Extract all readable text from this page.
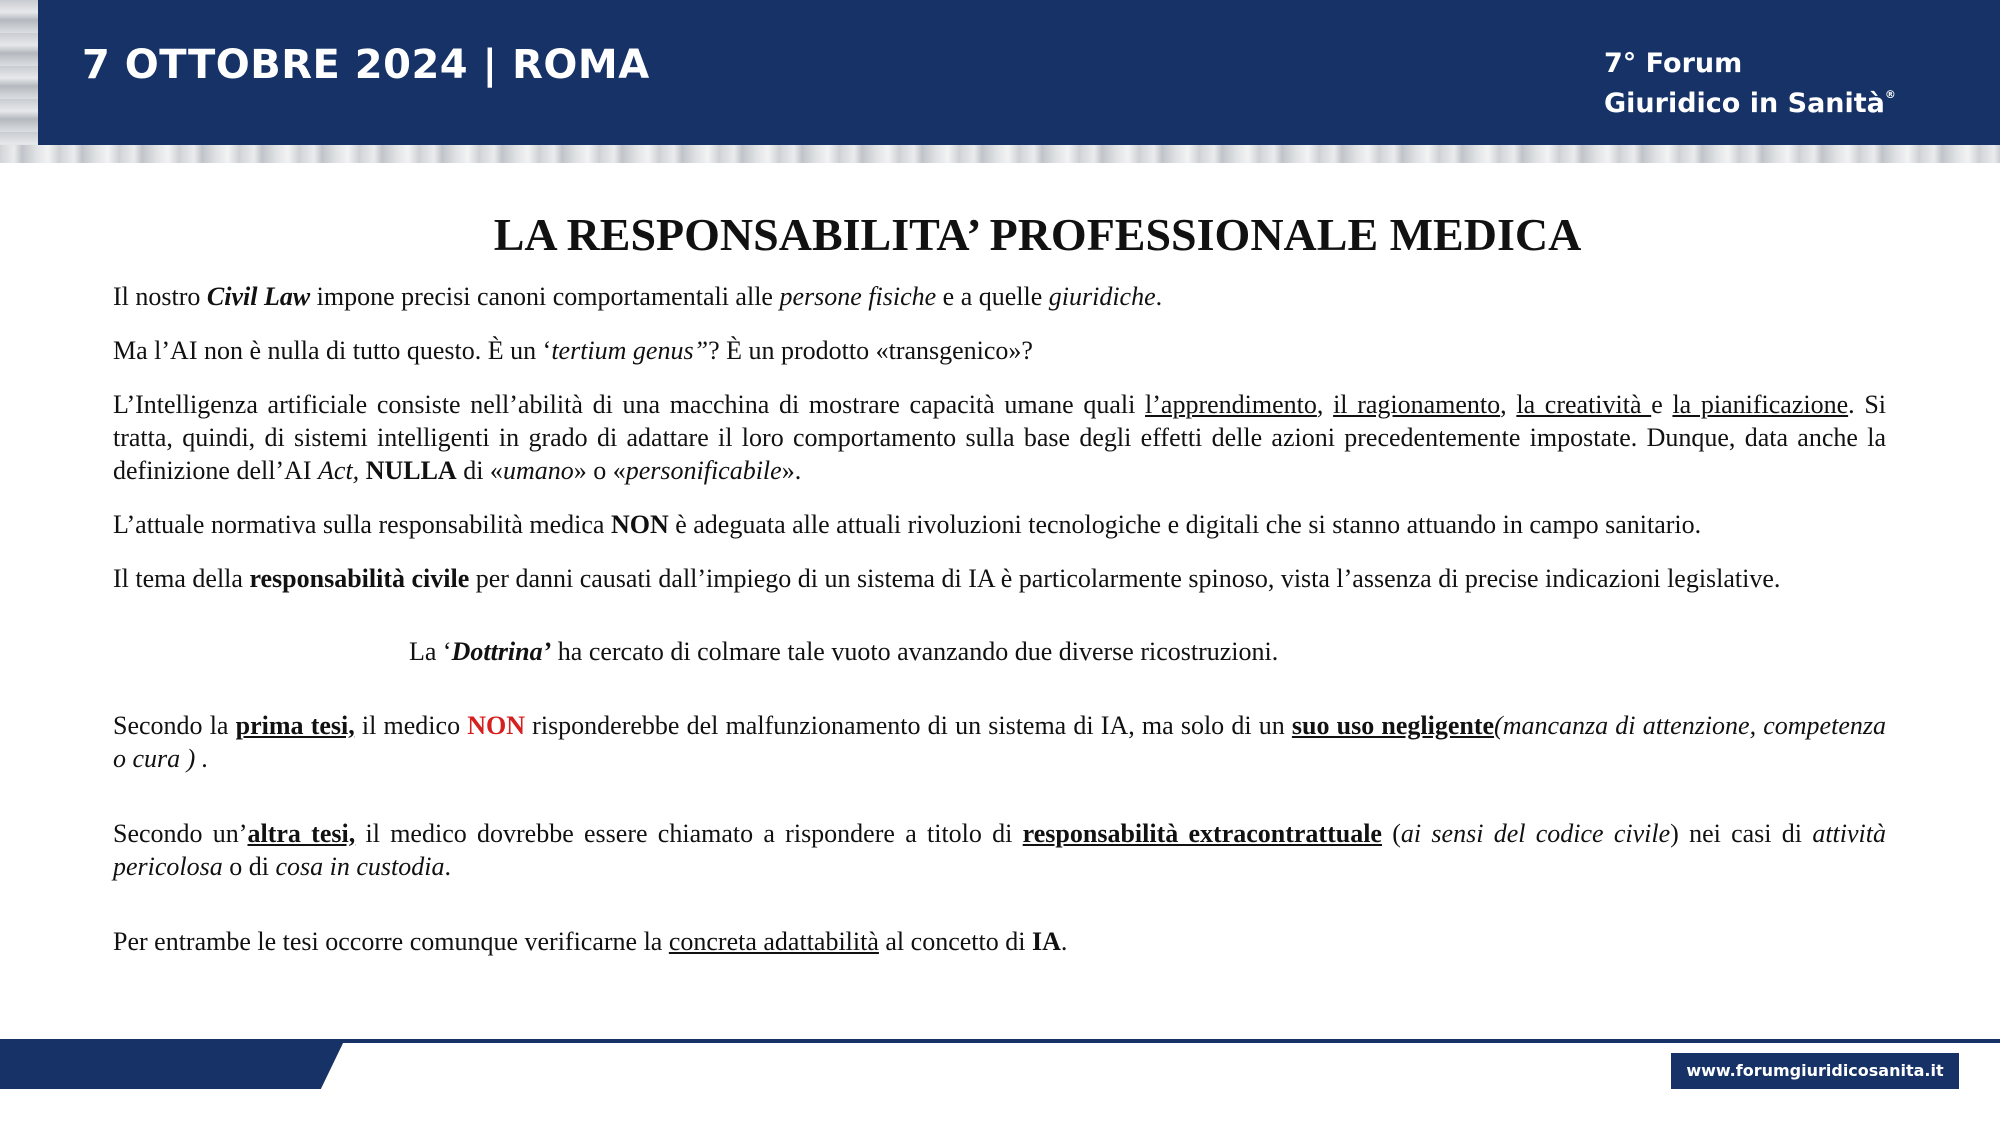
7 OTTOBRE 2024 | ROMA	7° Forum
Giuridico in Sanità®
LA RESPONSABILITA’ PROFESSIONALE MEDICA

Il nostro Civil Law impone precisi canoni comportamentali alle persone fisiche e a quelle giuridiche.

Ma l’AI non è nulla di tutto questo. È un ‘tertium genus”? È un prodotto «transgenico»?

L’Intelligenza artificiale consiste nell’abilità di una macchina di mostrare capacità umane quali l’apprendimento, il ragionamento, la creatività e la pianificazione. Si tratta, quindi, di sistemi intelligenti in grado di adattare il loro comportamento sulla base degli effetti delle azioni precedentemente impostate. Dunque, data anche la definizione dell’AI Act, NULLA di «umano» o «personificabile».

L’attuale normativa sulla responsabilità medica NON è adeguata alle attuali rivoluzioni tecnologiche e digitali che si stanno attuando in campo sanitario.

Il tema della responsabilità civile per danni causati dall’impiego di un sistema di IA è particolarmente spinoso, vista l’assenza di precise indicazioni legislative.

La ‘Dottrina’ ha cercato di colmare tale vuoto avanzando due diverse ricostruzioni.

Secondo la prima tesi, il medico NON risponderebbe del malfunzionamento di un sistema di IA, ma solo di un suo uso negligente(mancanza di attenzione, competenza o cura ) .

Secondo un’altra tesi, il medico dovrebbe essere chiamato a rispondere a titolo di responsabilità extracontrattuale (ai sensi del codice civile) nei casi di attività pericolosa o di cosa in custodia.

Per entrambe le tesi occorre comunque verificarne la concreta adattabilità al concetto di IA.

www.forumgiuridicosanita.it
